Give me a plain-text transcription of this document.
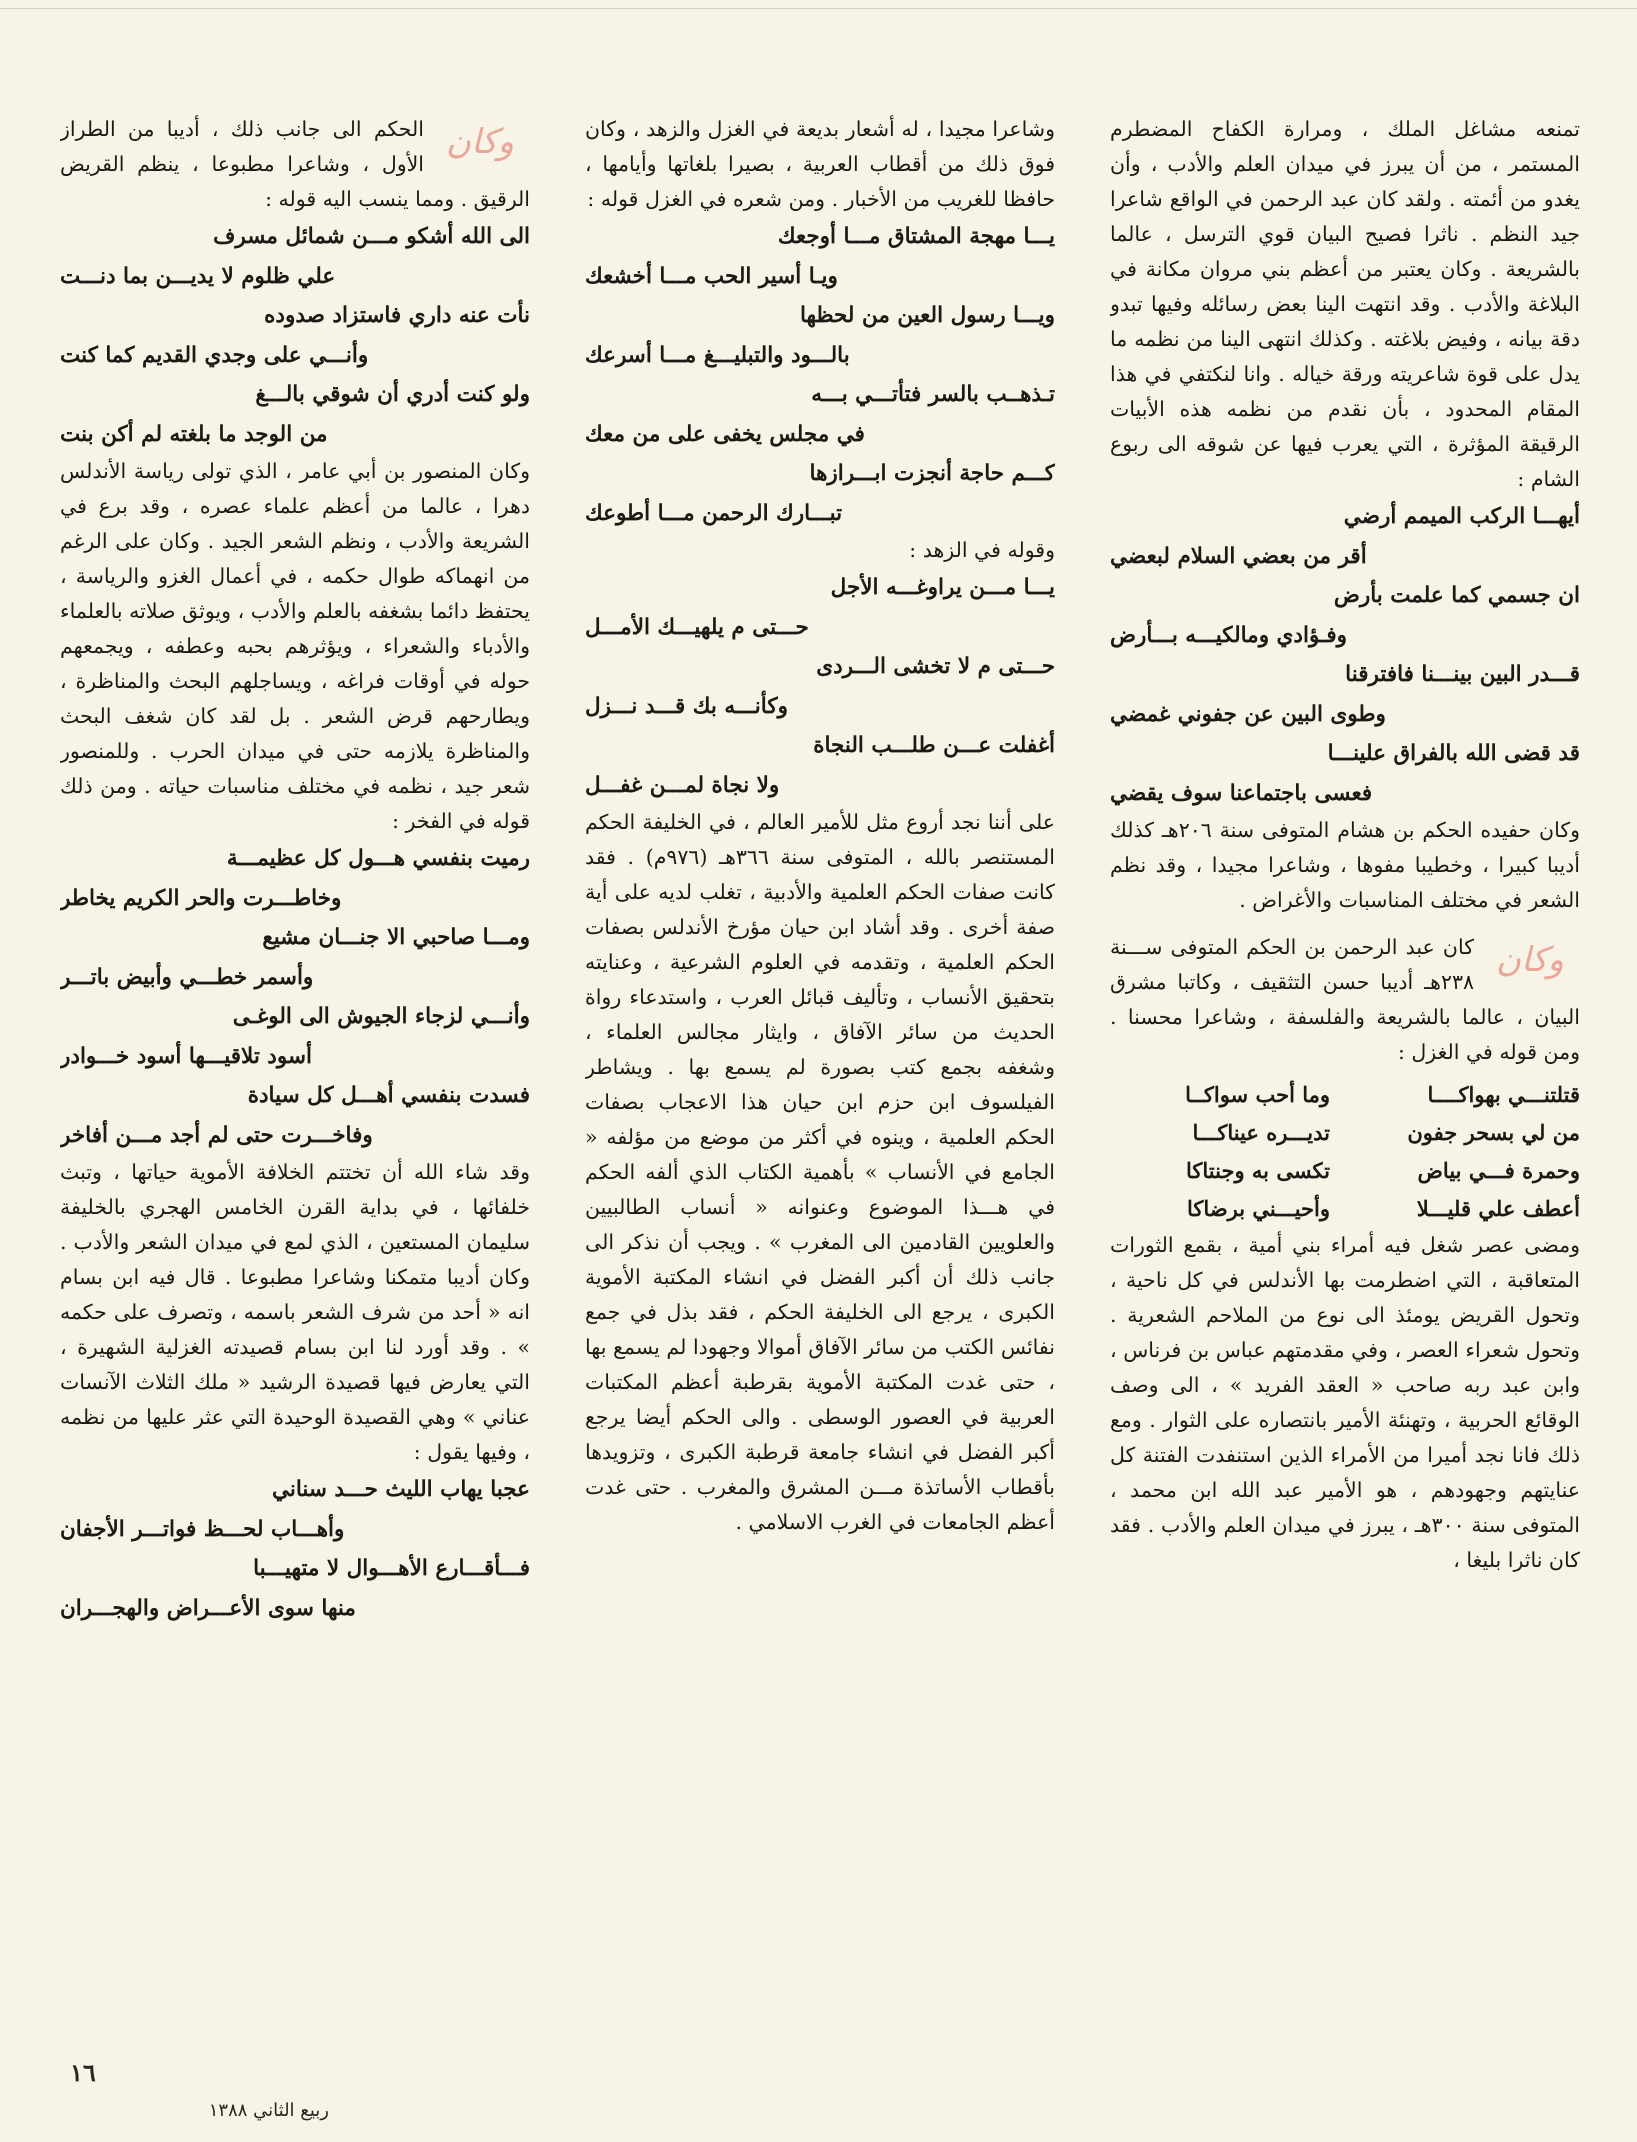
تمنعه مشاغل الملك ، ومرارة الكفاح المضطرم المستمر ، من أن يبرز في ميدان العلم والأدب ، وأن يغدو من أئمته . ولقد كان عبد الرحمن في الواقع شاعرا جيد النظم . ناثرا فصيح البيان قوي الترسل ، عالما بالشريعة . وكان يعتبر من أعظم بني مروان مكانة في البلاغة والأدب . وقد انتهت الينا بعض رسائله وفيها تبدو دقة بيانه ، وفيض بلاغته . وكذلك انتهى الينا من نظمه ما يدل على قوة شاعريته ورقة خياله . وانا لنكتفي في هذا المقام المحدود ، بأن نقدم من نظمه هذه الأبيات الرقيقة المؤثرة ، التي يعرب فيها عن شوقه الى ربوع الشام :

أيهـــا الركب الميمم أرضي

أقر من بعضي السلام لبعضي

ان جسمي كما علمت بأرض

وفـؤادي ومالكيـــه بـــأرض

قـــدر البين بينـــنا فافترقنا

وطوى البين عن جفوني غمضي

قد قضى الله بالفراق علينـــا

فعسى باجتماعنا سوف يقضي

وكان حفيده الحكم بن هشام المتوفى سنة ٢٠٦هـ كذلك أديبا كبيرا ، وخطيبا مفوها ، وشاعرا مجيدا ، وقد نظم الشعر في مختلف المناسبات والأغراض .

وكان

كان عبد الرحمن بن الحكم المتوفى ســـنة ٢٣٨هـ أديبا حسن التثقيف ، وكاتبا مشرق البيان ، عالما بالشريعة والفلسفة ، وشاعرا محسنا . ومن قوله في الغزل :

قتلتنـــي بهواكــــا
وما أحب سواكــا
من لي بسحر جفون
تديـــره عيناكـــا
وحمرة فـــي بياض
تكسى به وجنتاكا
أعطف علي قليـــلا
وأحيـــني برضاكا

ومضى عصر شغل فيه أمراء بني أمية ، بقمع الثورات المتعاقبة ، التي اضطرمت بها الأندلس في كل ناحية ، وتحول القريض يومئذ الى نوع من الملاحم الشعرية . وتحول شعراء العصر ، وفي مقدمتهم عباس بن فرناس ، وابن عبد ربه صاحب « العقد الفريد » ، الى وصف الوقائع الحربية ، وتهنئة الأمير بانتصاره على الثوار . ومع ذلك فانا نجد أميرا من الأمراء الذين استنفدت الفتنة كل عنايتهم وجهودهم ، هو الأمير عبد الله ابن محمد ، المتوفى سنة ٣٠٠هـ ، يبرز في ميدان العلم والأدب . فقد كان ناثرا بليغا ،

وشاعرا مجيدا ، له أشعار بديعة في الغزل والزهد ، وكان فوق ذلك من أقطاب العربية ، بصيرا بلغاتها وأيامها ، حافظا للغريب من الأخبار . ومن شعره في الغزل قوله :

يـــا مهجة المشتاق مـــا أوجعك

ويـا أسير الحب مـــا أخشعك

ويـــا رسول العين من لحظها

بالـــود والتبليـــغ مـــا أسرعك

تـذهــب بالسر فتأتـــي بـــه

في مجلس يخفى على من معك

كـــم حاجة أنجزت ابـــرازها

تبـــارك الرحمن مـــا أطوعك

وقوله في الزهد :

يـــا مـــن يراوغـــه الأجل

حـــتى م يلهيـــك الأمـــل

حـــتى م لا تخشى الـــردى

وكأنـــه بك قـــد نـــزل

أغفلت عـــن طلـــب النجاة

ولا نجاة لمـــن غفـــل

على أننا نجد أروع مثل للأمير العالم ، في الخليفة الحكم المستنصر بالله ، المتوفى سنة ٣٦٦هـ (٩٧٦م) . فقد كانت صفات الحكم العلمية والأدبية ، تغلب لديه على أية صفة أخرى . وقد أشاد ابن حيان مؤرخ الأندلس بصفات الحكم العلمية ، وتقدمه في العلوم الشرعية ، وعنايته بتحقيق الأنساب ، وتأليف قبائل العرب ، واستدعاء رواة الحديث من سائر الآفاق ، وايثار مجالس العلماء ، وشغفه بجمع كتب بصورة لم يسمع بها . ويشاطر الفيلسوف ابن حزم ابن حيان هذا الاعجاب بصفات الحكم العلمية ، وينوه في أكثر من موضع من مؤلفه « الجامع في الأنساب » بأهمية الكتاب الذي ألفه الحكم في هـــذا الموضوع وعنوانه « أنساب الطالبيين والعلويين القادمين الى المغرب » . ويجب أن نذكر الى جانب ذلك أن أكبر الفضل في انشاء المكتبة الأموية الكبرى ، يرجع الى الخليفة الحكم ، فقد بذل في جمع نفائس الكتب من سائر الآفاق أموالا وجهودا لم يسمع بها ، حتى غدت المكتبة الأموية بقرطبة أعظم المكتبات العربية في العصور الوسطى . والى الحكم أيضا يرجع أكبر الفضل في انشاء جامعة قرطبة الكبرى ، وتزويدها بأقطاب الأساتذة مـــن المشرق والمغرب . حتى غدت أعظم الجامعات في الغرب الاسلامي .

وكان

الحكم الى جانب ذلك ، أديبا من الطراز الأول ، وشاعرا مطبوعا ، ينظم القريض الرقيق . ومما ينسب اليه قوله :

الى الله أشكو مـــن شمائل مسرف

علي ظلوم لا يديـــن بما دنـــت

نأت عنه داري فاستزاد صدوده

وأنـــي على وجدي القديم كما كنت

ولو كنت أدري أن شوقي بالـــغ

من الوجد ما بلغته لم أكن بنت

وكان المنصور بن أبي عامر ، الذي تولى رياسة الأندلس دهرا ، عالما من أعظم علماء عصره ، وقد برع في الشريعة والأدب ، ونظم الشعر الجيد . وكان على الرغم من انهماكه طوال حكمه ، في أعمال الغزو والرياسة ، يحتفظ دائما بشغفه بالعلم والأدب ، ويوثق صلاته بالعلماء والأدباء والشعراء ، ويؤثرهم بحبه وعطفه ، ويجمعهم حوله في أوقات فراغه ، ويساجلهم البحث والمناظرة ، ويطارحهم قرض الشعر . بل لقد كان شغف البحث والمناظرة يلازمه حتى في ميدان الحرب . وللمنصور شعر جيد ، نظمه في مختلف مناسبات حياته . ومن ذلك قوله في الفخر :

رميت بنفسي هـــول كل عظيمـــة

وخاطـــرت والحر الكريم يخاطر

ومـــا صاحبي الا جنـــان مشيع

وأسمر خطـــي وأبيض باتـــر

وأنـــي لزجاء الجيوش الى الوغـى

أسود تلاقيـــها أسود خـــوادر

فسدت بنفسي أهـــل كل سيادة

وفاخـــرت حتى لم أجد مـــن أفاخر

وقد شاء الله أن تختتم الخلافة الأموية حياتها ، وتبث خلفائها ، في بداية القرن الخامس الهجري بالخليفة سليمان المستعين ، الذي لمع في ميدان الشعر والأدب . وكان أديبا متمكنا وشاعرا مطبوعا . قال فيه ابن بسام انه « أحد من شرف الشعر باسمه ، وتصرف على حكمه » . وقد أورد لنا ابن بسام قصيدته الغزلية الشهيرة ، التي يعارض فيها قصيدة الرشيد « ملك الثلاث الآنسات عناني » وهي القصيدة الوحيدة التي عثر عليها من نظمه ، وفيها يقول :

عجبا يهاب الليث حـــد سناني

وأهـــاب لحـــظ فواتـــر الأجفان

فـــأقـــارع الأهـــوال لا متهيـــبا

منها سوى الأعـــراض والهجـــران

١٦
ربيع الثاني ١٣٨٨
